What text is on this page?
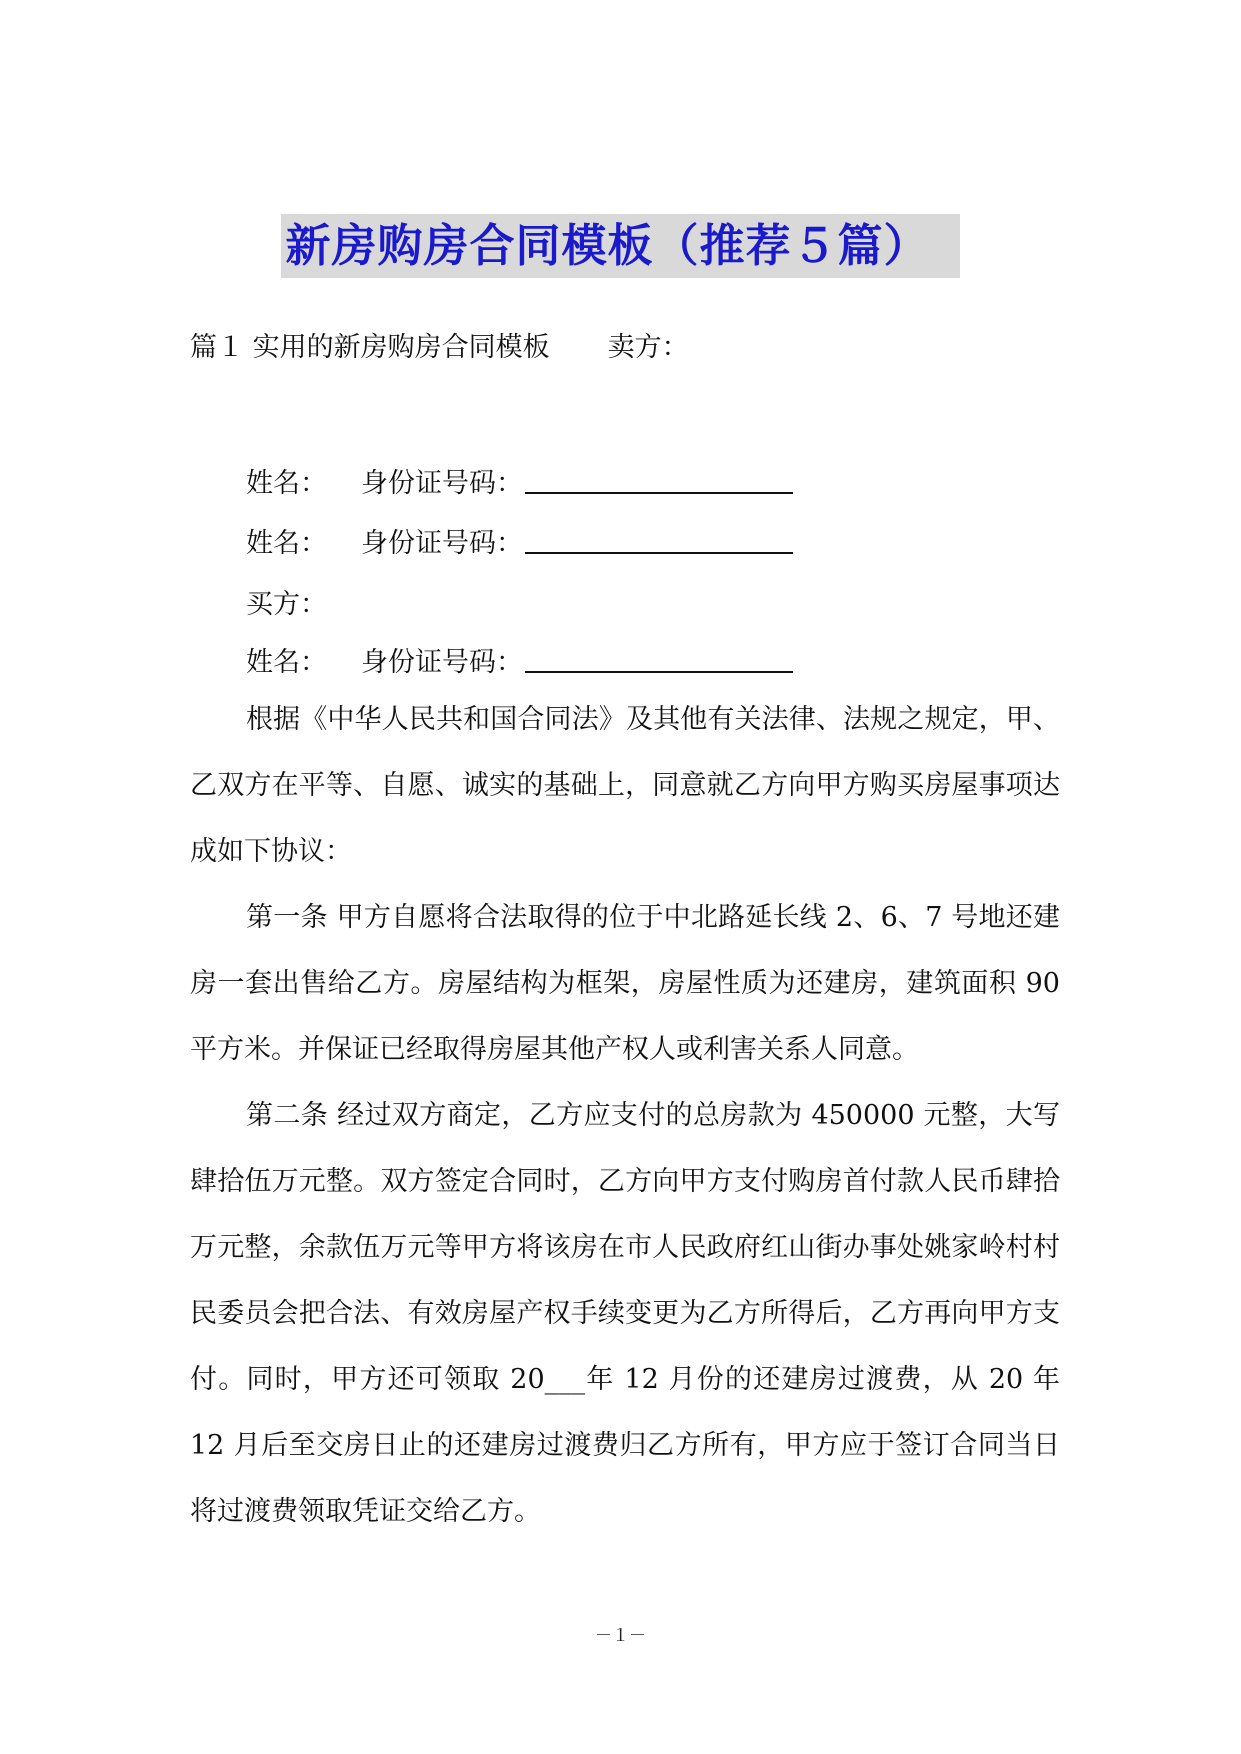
新房购房合同模板（推荐５篇）
篇１ 实用的新房购房合同模板 卖方：
姓名： 身份证号码：
姓名： 身份证号码：
买方：
姓名： 身份证号码：

根据《中华人民共和国合同法》及其他有关法律、法规之规定，甲、乙双方在平等、自愿、诚实的基础上，同意就乙方向甲方购买房屋事项达成如下协议：

第一条 甲方自愿将合法取得的位于中北路延长线 2、6、7 号地还建房一套出售给乙方。房屋结构为框架，房屋性质为还建房，建筑面积 90 平方米。并保证已经取得房屋其他产权人或利害关系人同意。

第二条 经过双方商定，乙方应支付的总房款为 450000 元整，大写肆拾伍万元整。双方签定合同时，乙方向甲方支付购房首付款人民币肆拾万元整，余款伍万元等甲方将该房在市人民政府红山街办事处姚家岭村村民委员会把合法、有效房屋产权手续变更为乙方所得后，乙方再向甲方支付。同时，甲方还可领取 20___年 12 月份的还建房过渡费，从 20 年 12 月后至交房日止的还建房过渡费归乙方所有，甲方应于签订合同当日将过渡费领取凭证交给乙方。

－１－
